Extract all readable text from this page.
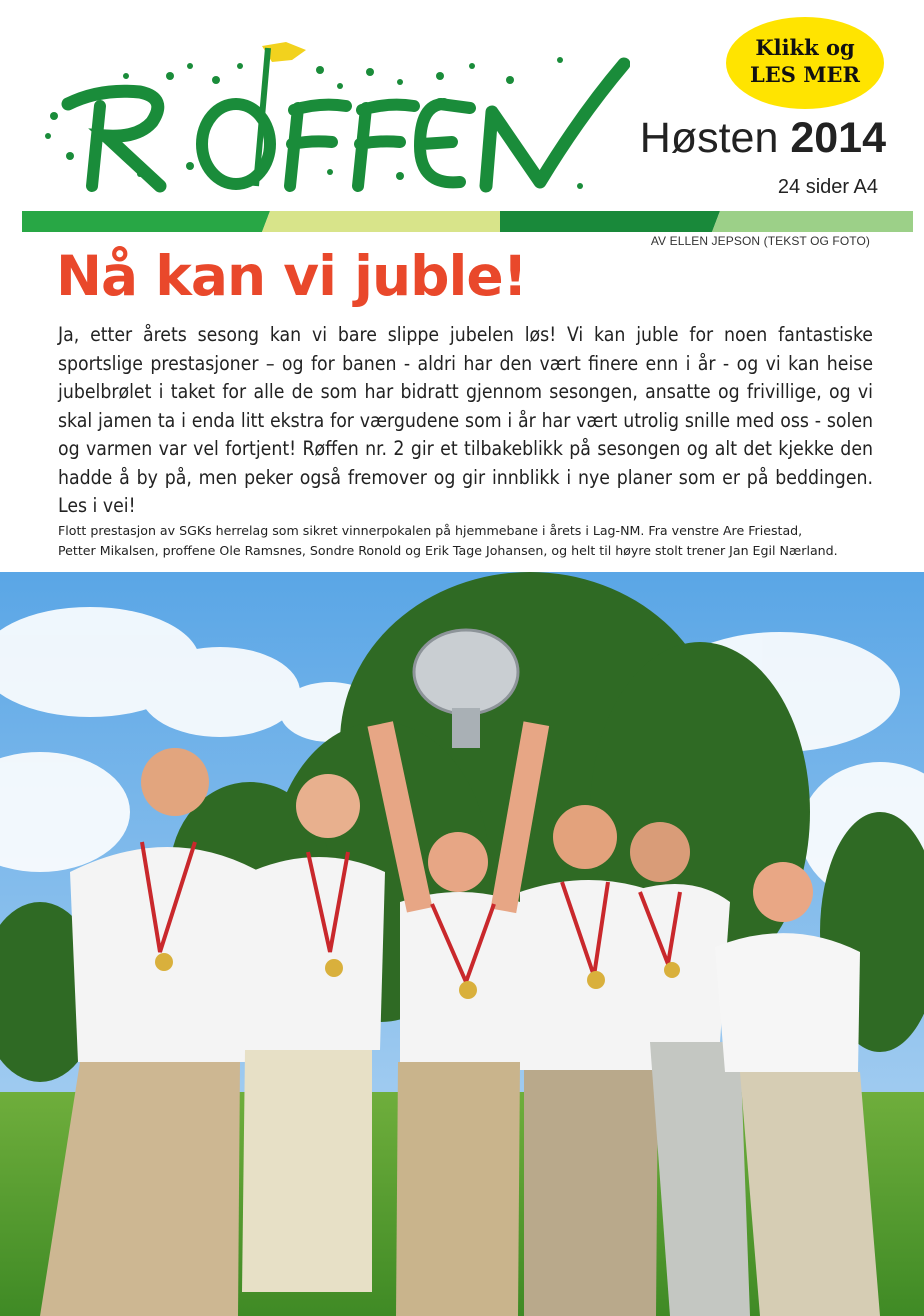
Klikk og
LES MER
Høsten 2014
24 sider A4
AV ELLEN JEPSON (TEKST OG FOTO)
Nå kan vi juble!
Ja, etter årets sesong kan vi bare slippe jubelen løs! Vi kan juble for noen fantastiske sportslige prestasjoner – og for banen - aldri har den vært finere enn i år - og vi kan heise jubelbrølet i taket for alle de som har bidratt gjennom sesongen, ansatte og frivillige, og vi skal jamen ta i enda litt ekstra for værgudene som i år har vært utrolig snille med oss - solen og varmen var vel fortjent! Røffen nr. 2 gir et tilbakeblikk på sesongen og alt det kjekke den hadde å by på, men peker også fremover og gir innblikk i nye planer som er på beddingen. Les i vei!
Flott prestasjon av SGKs herrelag som sikret vinnerpokalen på hjemmebane i årets i Lag-NM. Fra venstre Are Friestad,
Petter Mikalsen, proffene Ole Ramsnes, Sondre Ronold og Erik Tage Johansen, og helt til høyre stolt trener Jan Egil Nærland.
